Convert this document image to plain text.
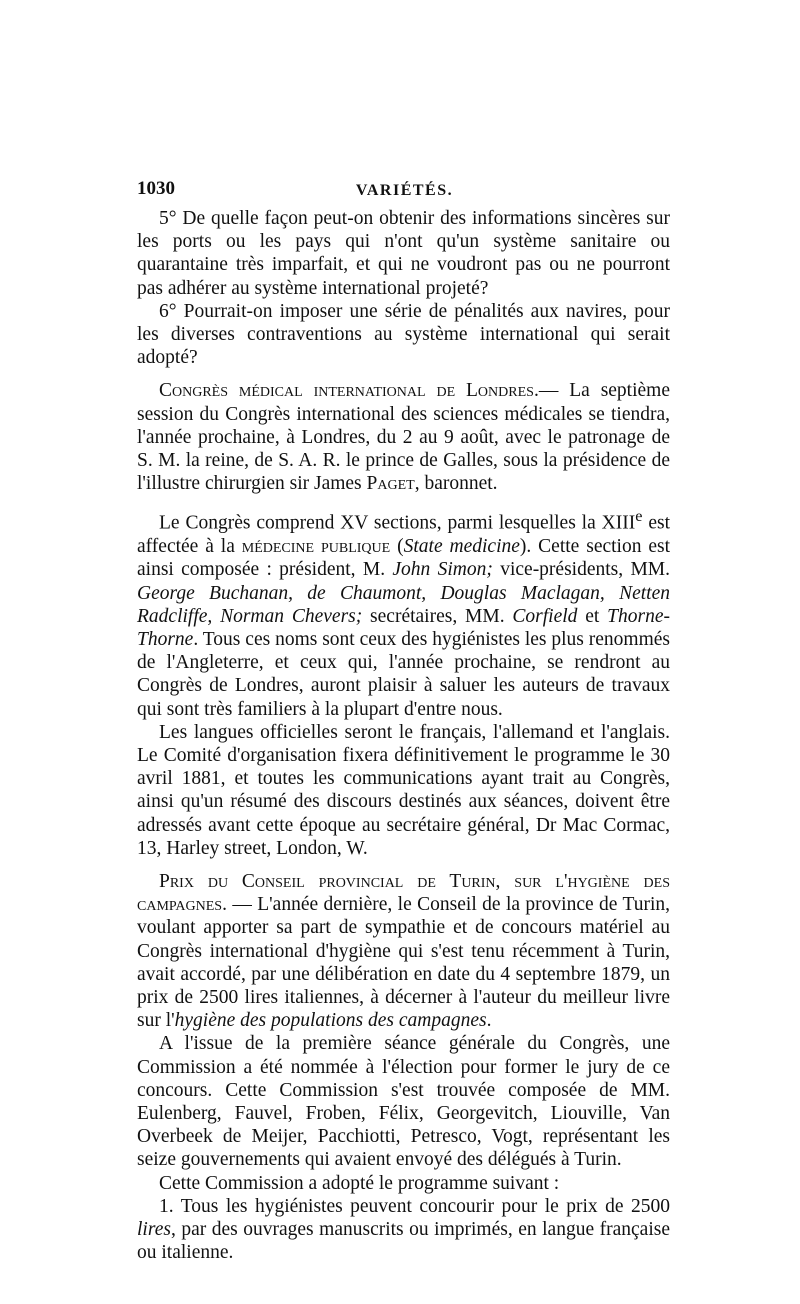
1030	VARIÉTÉS.

5° De quelle façon peut-on obtenir des informations sincères sur les ports ou les pays qui n'ont qu'un système sanitaire ou quarantaine très imparfait, et qui ne voudront pas ou ne pourront pas adhérer au système international projeté?

6° Pourrait-on imposer une série de pénalités aux navires, pour les diverses contraventions au système international qui serait adopté?

Congrès médical international de Londres.— La septième session du Congrès international des sciences médicales se tiendra, l'année prochaine, à Londres, du 2 au 9 août, avec le patronage de S. M. la reine, de S. A. R. le prince de Galles, sous la présidence de l'illustre chirurgien sir James Paget, baronnet.

Le Congrès comprend XV sections, parmi lesquelles la XIIIe est affectée à la médecine publique (State medicine). Cette section est ainsi composée : président, M. John Simon; vice-présidents, MM. George Buchanan, de Chaumont, Douglas Maclagan, Netten Radcliffe, Norman Chevers; secrétaires, MM. Corfield et Thorne-Thorne. Tous ces noms sont ceux des hygiénistes les plus renommés de l'Angleterre, et ceux qui, l'année prochaine, se rendront au Congrès de Londres, auront plaisir à saluer les auteurs de travaux qui sont très familiers à la plupart d'entre nous.

Les langues officielles seront le français, l'allemand et l'anglais. Le Comité d'organisation fixera définitivement le programme le 30 avril 1881, et toutes les communications ayant trait au Congrès, ainsi qu'un résumé des discours destinés aux séances, doivent être adressés avant cette époque au secrétaire général, Dr Mac Cormac, 13, Harley street, London, W.

Prix du Conseil provincial de Turin, sur l'hygiène des campagnes. — L'année dernière, le Conseil de la province de Turin, voulant apporter sa part de sympathie et de concours matériel au Congrès international d'hygiène qui s'est tenu récemment à Turin, avait accordé, par une délibération en date du 4 septembre 1879, un prix de 2500 lires italiennes, à décerner à l'auteur du meilleur livre sur l'hygiène des populations des campagnes.

A l'issue de la première séance générale du Congrès, une Commission a été nommée à l'élection pour former le jury de ce concours. Cette Commission s'est trouvée composée de MM. Eulenberg, Fauvel, Froben, Félix, Georgevitch, Liouville, Van Overbeek de Meijer, Pacchiotti, Petresco, Vogt, représentant les seize gouvernements qui avaient envoyé des délégués à Turin.

Cette Commission a adopté le programme suivant :

1. Tous les hygiénistes peuvent concourir pour le prix de 2500 lires, par des ouvrages manuscrits ou imprimés, en langue française ou italienne.
